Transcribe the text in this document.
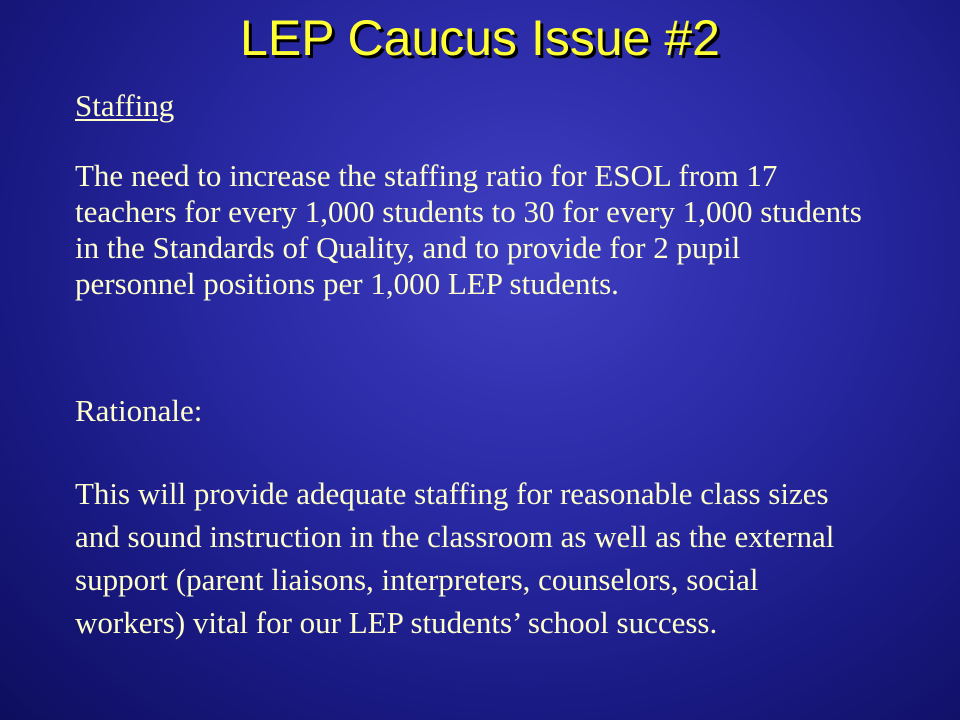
LEP Caucus Issue #2
Staffing
The need to increase the staffing ratio for ESOL from 17 teachers for every 1,000 students to 30 for every 1,000 students in the Standards of Quality, and to provide for 2 pupil personnel positions per 1,000 LEP students.
Rationale:
This will provide adequate staffing for reasonable class sizes and sound instruction in the classroom as well as the external support (parent liaisons, interpreters, counselors, social workers) vital for our LEP students’ school success.
